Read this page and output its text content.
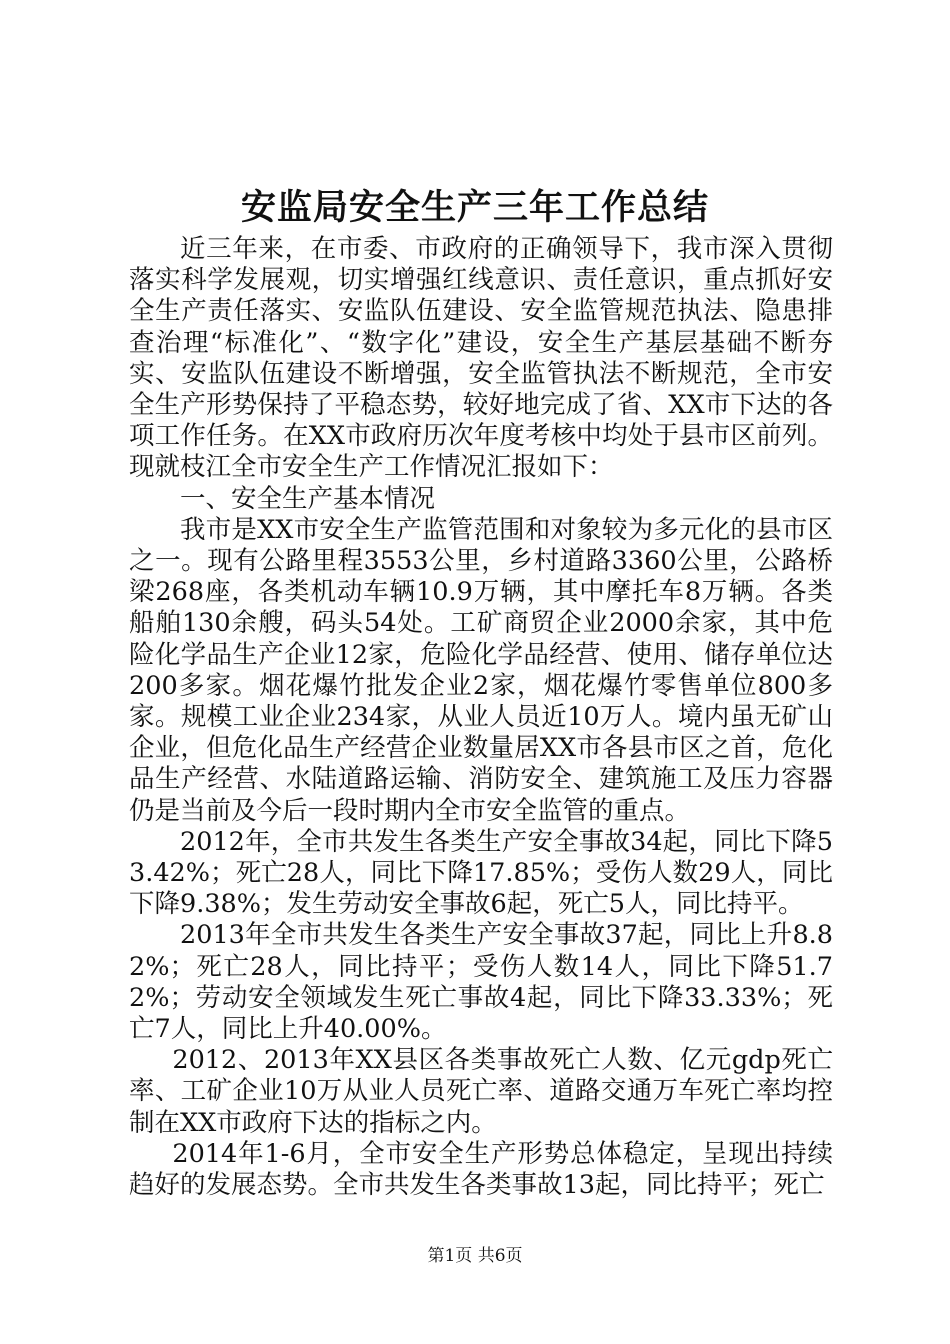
安监局安全生产三年工作总结

近三年来，在市委、市政府的正确领导下，我市深入贯彻落实科学发展观，切实增强红线意识、责任意识，重点抓好安全生产责任落实、安监队伍建设、安全监管规范执法、隐患排查治理“标准化”、“数字化”建设，安全生产基层基础不断夯实、安监队伍建设不断增强，安全监管执法不断规范，全市安全生产形势保持了平稳态势，较好地完成了省、XX市下达的各项工作任务。在XX市政府历次年度考核中均处于县市区前列。现就枝江全市安全生产工作情况汇报如下：

一、安全生产基本情况

我市是XX市安全生产监管范围和对象较为多元化的县市区之一。现有公路里程3553公里，乡村道路3360公里，公路桥梁268座，各类机动车辆10.9万辆，其中摩托车8万辆。各类船舶130余艘，码头54处。工矿商贸企业2000余家，其中危险化学品生产企业12家，危险化学品经营、使用、储存单位达200多家。烟花爆竹批发企业2家，烟花爆竹零售单位800多家。规模工业企业234家，从业人员近10万人。境内虽无矿山企业，但危化品生产经营企业数量居XX市各县市区之首，危化品生产经营、水陆道路运输、消防安全、建筑施工及压力容器仍是当前及今后一段时期内全市安全监管的重点。

2012年，全市共发生各类生产安全事故34起，同比下降53.42%；死亡28人，同比下降17.85%；受伤人数29人，同比下降9.38%；发生劳动安全事故6起，死亡5人，同比持平。

2013年全市共发生各类生产安全事故37起，同比上升8.82%；死亡28人，同比持平；受伤人数14人，同比下降51.72%；劳动安全领域发生死亡事故4起，同比下降33.33%；死亡7人，同比上升40.00%。

2012、2013年XX县区各类事故死亡人数、亿元gdp死亡率、工矿企业10万从业人员死亡率、道路交通万车死亡率均控制在XX市政府下达的指标之内。

2014年1-6月，全市安全生产形势总体稳定，呈现出持续趋好的发展态势。全市共发生各类事故13起，同比持平；死亡

第1页 共6页
